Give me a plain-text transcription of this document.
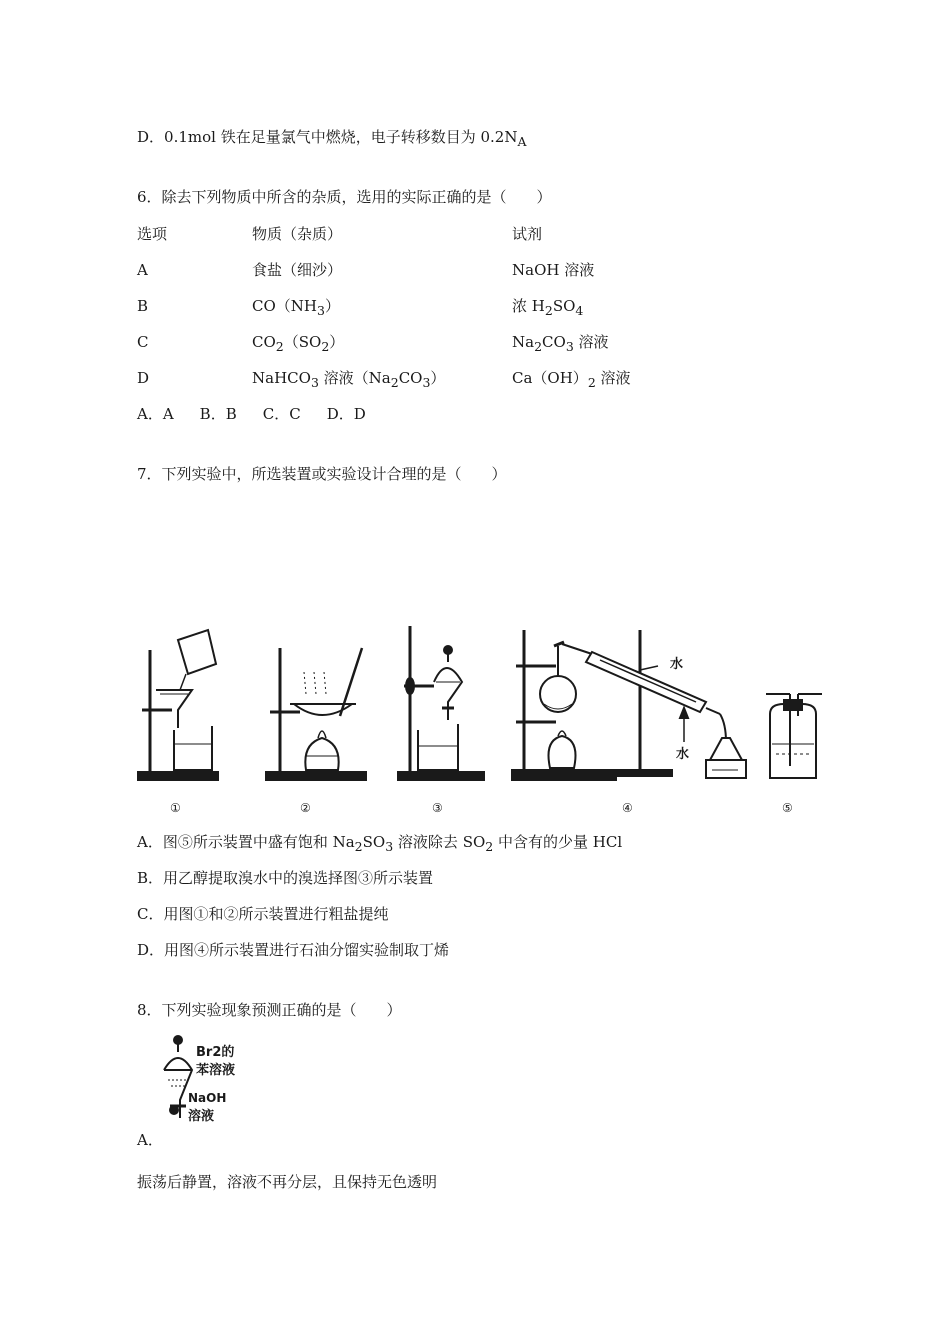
D．0.1mol 铁在足量氯气中燃烧，电子转移数目为 $0.2N_A$
6．除去下列物质中所含的杂质，选用的实际正确的是（　　）
选项	物质（杂质）	试剂
A	食盐（细沙）	NaOH 溶液
B	$CO(NH_3)$	浓 $H_2SO_4$
C	$CO_2(SO_2)$	$Na_2CO_3$ 溶液
D	NaHCO$_3$ 溶液$(Na_2CO_3)$	$Ca(OH)_2$ 溶液
A．A B．B C．C D．D
7．下列实验中，所选装置或实验设计合理的是（　　）
水
水
①	②	③	④	⑤
A．图⑤所示装置中盛有饱和 $Na_2SO_3$ 溶液除去 $SO_2$ 中含有的少量 HCl
B．用乙醇提取溴水中的溴选择图③所示装置
C．用图①和②所示装置进行粗盐提纯
D．用图④所示装置进行石油分馏实验制取丁烯
8．下列实验现象预测正确的是（　　）
Br2的
苯溶液
NaOH
溶液
A．
振荡后静置，溶液不再分层，且保持无色透明
